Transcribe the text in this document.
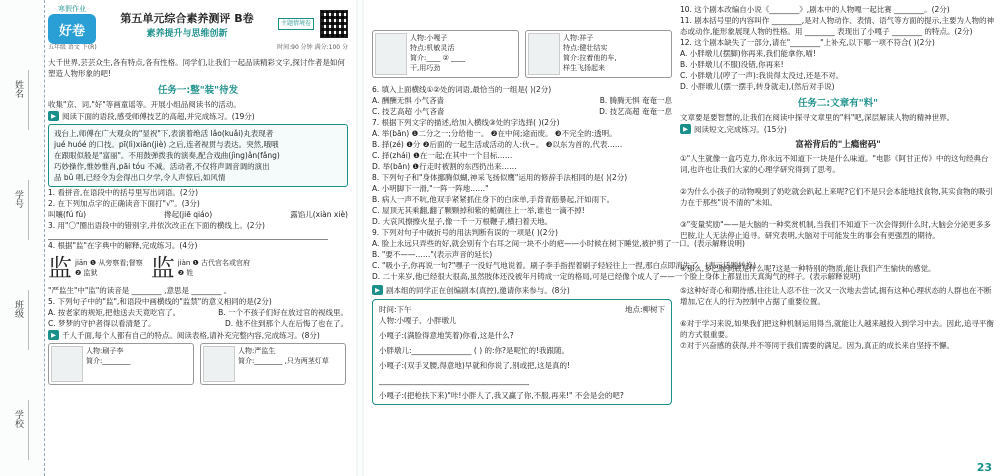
姓名
学号
班级
学校
寒假作业
好卷
第五单元综合素养测评 B卷
素养提升与思维创新
主题情境卷
五年级 语文 下(R)	时间:90 分钟 满分:100 分
大千世界,芸芸众生,各有特点,各有性格。同学们,让我们一起品读精彩文字,探讨作者是如何塑造人物形象的吧!
任务一:整"装"待发
收集"京、词,"好"等画童谣等。开展小组品阅读书的活动。
▶ 阅读下面的语段,感受师傅技艺的高超,并完成练习。(19分)
戏台上,师傅在广大观众的"显祝"下,表演着绝活 lǎo(kuǎi)丸表现者
jué huóé 的口技。pī(lì)xiān(jiè) 之后,连者视贯与表达。突然,哦哦
在跟眼似般是"富丽"。不用鼓弹拨我的演奏,配合戏曲(jìng)ǎn(fǎng)
巧妙操作,惟妙惟肖,pāi tóu 不减。活动者,不仅将声调音调的演出
品 bǔ 唱,已经令为会得出口夕学,令人声惊后,如风情
1. 看拼音,在语段中的括号里写出词语。(2分)
2. 在下列加点字的正确读音下面打"√"。(3分)
叫嚷(fú fù)	搀起(jiē qiáo)	露馅儿(xiàn xiè)
3. 用"〇"圈出语段中的错别字,并依次改正在下面的横线上。(2分)
4. 根据"监"在字典中的解释,完成练习。(4分)
监 jiān ❶ 从旁察看;督察
❷ 监狱	监 jiàn ❶ 古代官名或官府
❷ 姓
"严监生"中"监"的读音是 ________ ,意思是 ________ 。
5. 下列句子中的"监",和语段中画横线的"监禁"的意义相同的是(2分)
A. 按老家的规矩,把他送去天竟吃官了。	B. 一个不孩子们好在放过官的视线里。
C. 梦梦的守护者得以看清楚了。	D. 他不住到那个人在后悔了也在了。
▶ 千人千面,每个人都有自己的特点。阅读表格,请补充完整内容,完成练习。(8分)
人物:刷子李
简介:________
人物:严监生
简介:________ ,只为两茎灯草
人物:小嘎子
特点:机敏灵活
简介:____ ② ____
干,用巧劲
人物:祥子
特点:健壮结实
简介:拉着他的车,
样生飞扬起来
6. 填入上面横线①②处的词语,最恰当的一组是( )(2分)
A. 酬酬无惧 小气吝啬	B. 腾腾无惧 奄奄一息
C. 技艺高超 小气吝啬	D. 技艺高超 奄奄一息
7. 根据下列文字的描述,给加入横线③处的字选择( )(2分)
A. 举(bān) ❶二分之一;分给他一。 ❷在中间;途而废。 ❸不完全的:透明。
B. 择(zé) ❶分 ❷后面的一起生活或活动的人:伙~。 ❸以东为首的,代表……
C. 择(zhái) ❶在一起;在其中一个目标……
D. 举(bān) ❶行走时被割的东西扔出来……
8. 下列句子和"身体挪腾似蝴,神采飞扬似鹰"运用的修辞手法相同的是( )(2分)
A. 小明脚下一滑,"一阵一阵地……"
B. 病人一声不吭,他双手紧紧抓住身下的白床单,手背青筋暴起,汗如雨下。
C. 屋顶无其乘翻,翻了颗颗掉和紫的栀碉往上一举,谁也一滴不掉!
D. 大哀风擦擦火星子,像一千一万根鞭子,横扫着天地。
9. 下列对句子中破折号的用法判断有误的一项是( )(2分)
A. 脸上永远只弄些的好,就会别有个右耳之间一块不小的疤——小时候在树下睡觉,被护剪了一口。(表示解释说明)
B. "要不——……"(表示声音的延长)
C. "吸小子,你再说一句?"嘿子一没好气地说着。刷子李手指捏着刷子轻轻往上一捏,那白点即消失了。(表示话题转换)
D. 二十来岁,他已经很大很高,虽然肢体还没被年月铸成一定的格局,可是已经像个成人了——一个脸上身体上都显出天真淘气的样子。(表示解释说明)
▶ 剧本组的同学正在创编剧本(真控),邀请你来参与。(8分)
时间:下午	地点:柳树下
人物:小嘎子、小胖墩儿
小嘎子:(满脸得意地笑着)你看,这是什么?
小胖墩儿:________________ ( ) 的:你?是呢忙的!我跟随。
小嘎子:(双手叉腰,得意地)早就和你说了,别或把,这是真的!
________________________________________
小嘎子:(把枪扶下来)"咔!小胖人了,我又赢了你,不服,再来!" 不会是会的吧?
10. 这个剧本改编自小说《________》,剧本中的人物嘎一起比赛 ________。(2分)
11. 剧本括号里的内容叫作 ________,是对人物动作、表情、语气等方面的提示,主要为人物的神态或动作,能形象展现人物的性格。用 ________ 表现出了小嘎子 ________ 的特点。(2分)
12. 这个剧本缺失了一部分,请在"________"上补充,以下哪一项不符合( )(2分)
A. 小胖墩儿(摆脚)你再来,我们能拿你,喵!
B. 小胖墩儿(不服)没错,你再来!
C. 小胖墩儿(哼了一声):我说得太没过,还是不对。
D. 小胖墩儿(摆一摆手,转身就走),(然后对手说)
任务二:文章有"料"
文章要是要智慧的,让我们在阅读中探寻文章里的"料"吧,深层解读人物的精神世界。
▶ 阅读短文,完成练习。(15分)
富裕背后的"上瘾密码"
①"人生就像一盒巧克力,你永远不知道下一块是什么味道。"电影《阿甘正传》中的这句经典台词,也许也让我们大家的心理学研究得到了思考。
②为什么小孩子的动物嗅到了奶吃就会趴起上来呢?它们不是只会本能地找食物,其实食物的吸引力在于那些"说不清的"未知。
③"变量奖励"——是大脑的一种奖赏机制,当我们不知道下一次会得到什么时,大脑会分泌更多多巴胺,让人无法停止追寻。研究表明,大脑对于可能发生的事会有更强烈的期待。
④那么,多巴胺到底是什么呢?这是一种特别的物质,能让我们产生愉快的感觉。
⑤这种好奇心和期待感,往往让人忍不住一次又一次地去尝试,拥有这种心理状态的人群也在不断增加,它在人的行为控制中占据了重要位置。
⑥对于学习来说,如果我们把这种机制运用得当,就能让人越来越投入到学习中去。因此,追寻平衡的方式很重要。
⑦对于兴奋感的获得,并不等同于我们需要的满足。因为,真正的成长来自坚持不懈。
23
